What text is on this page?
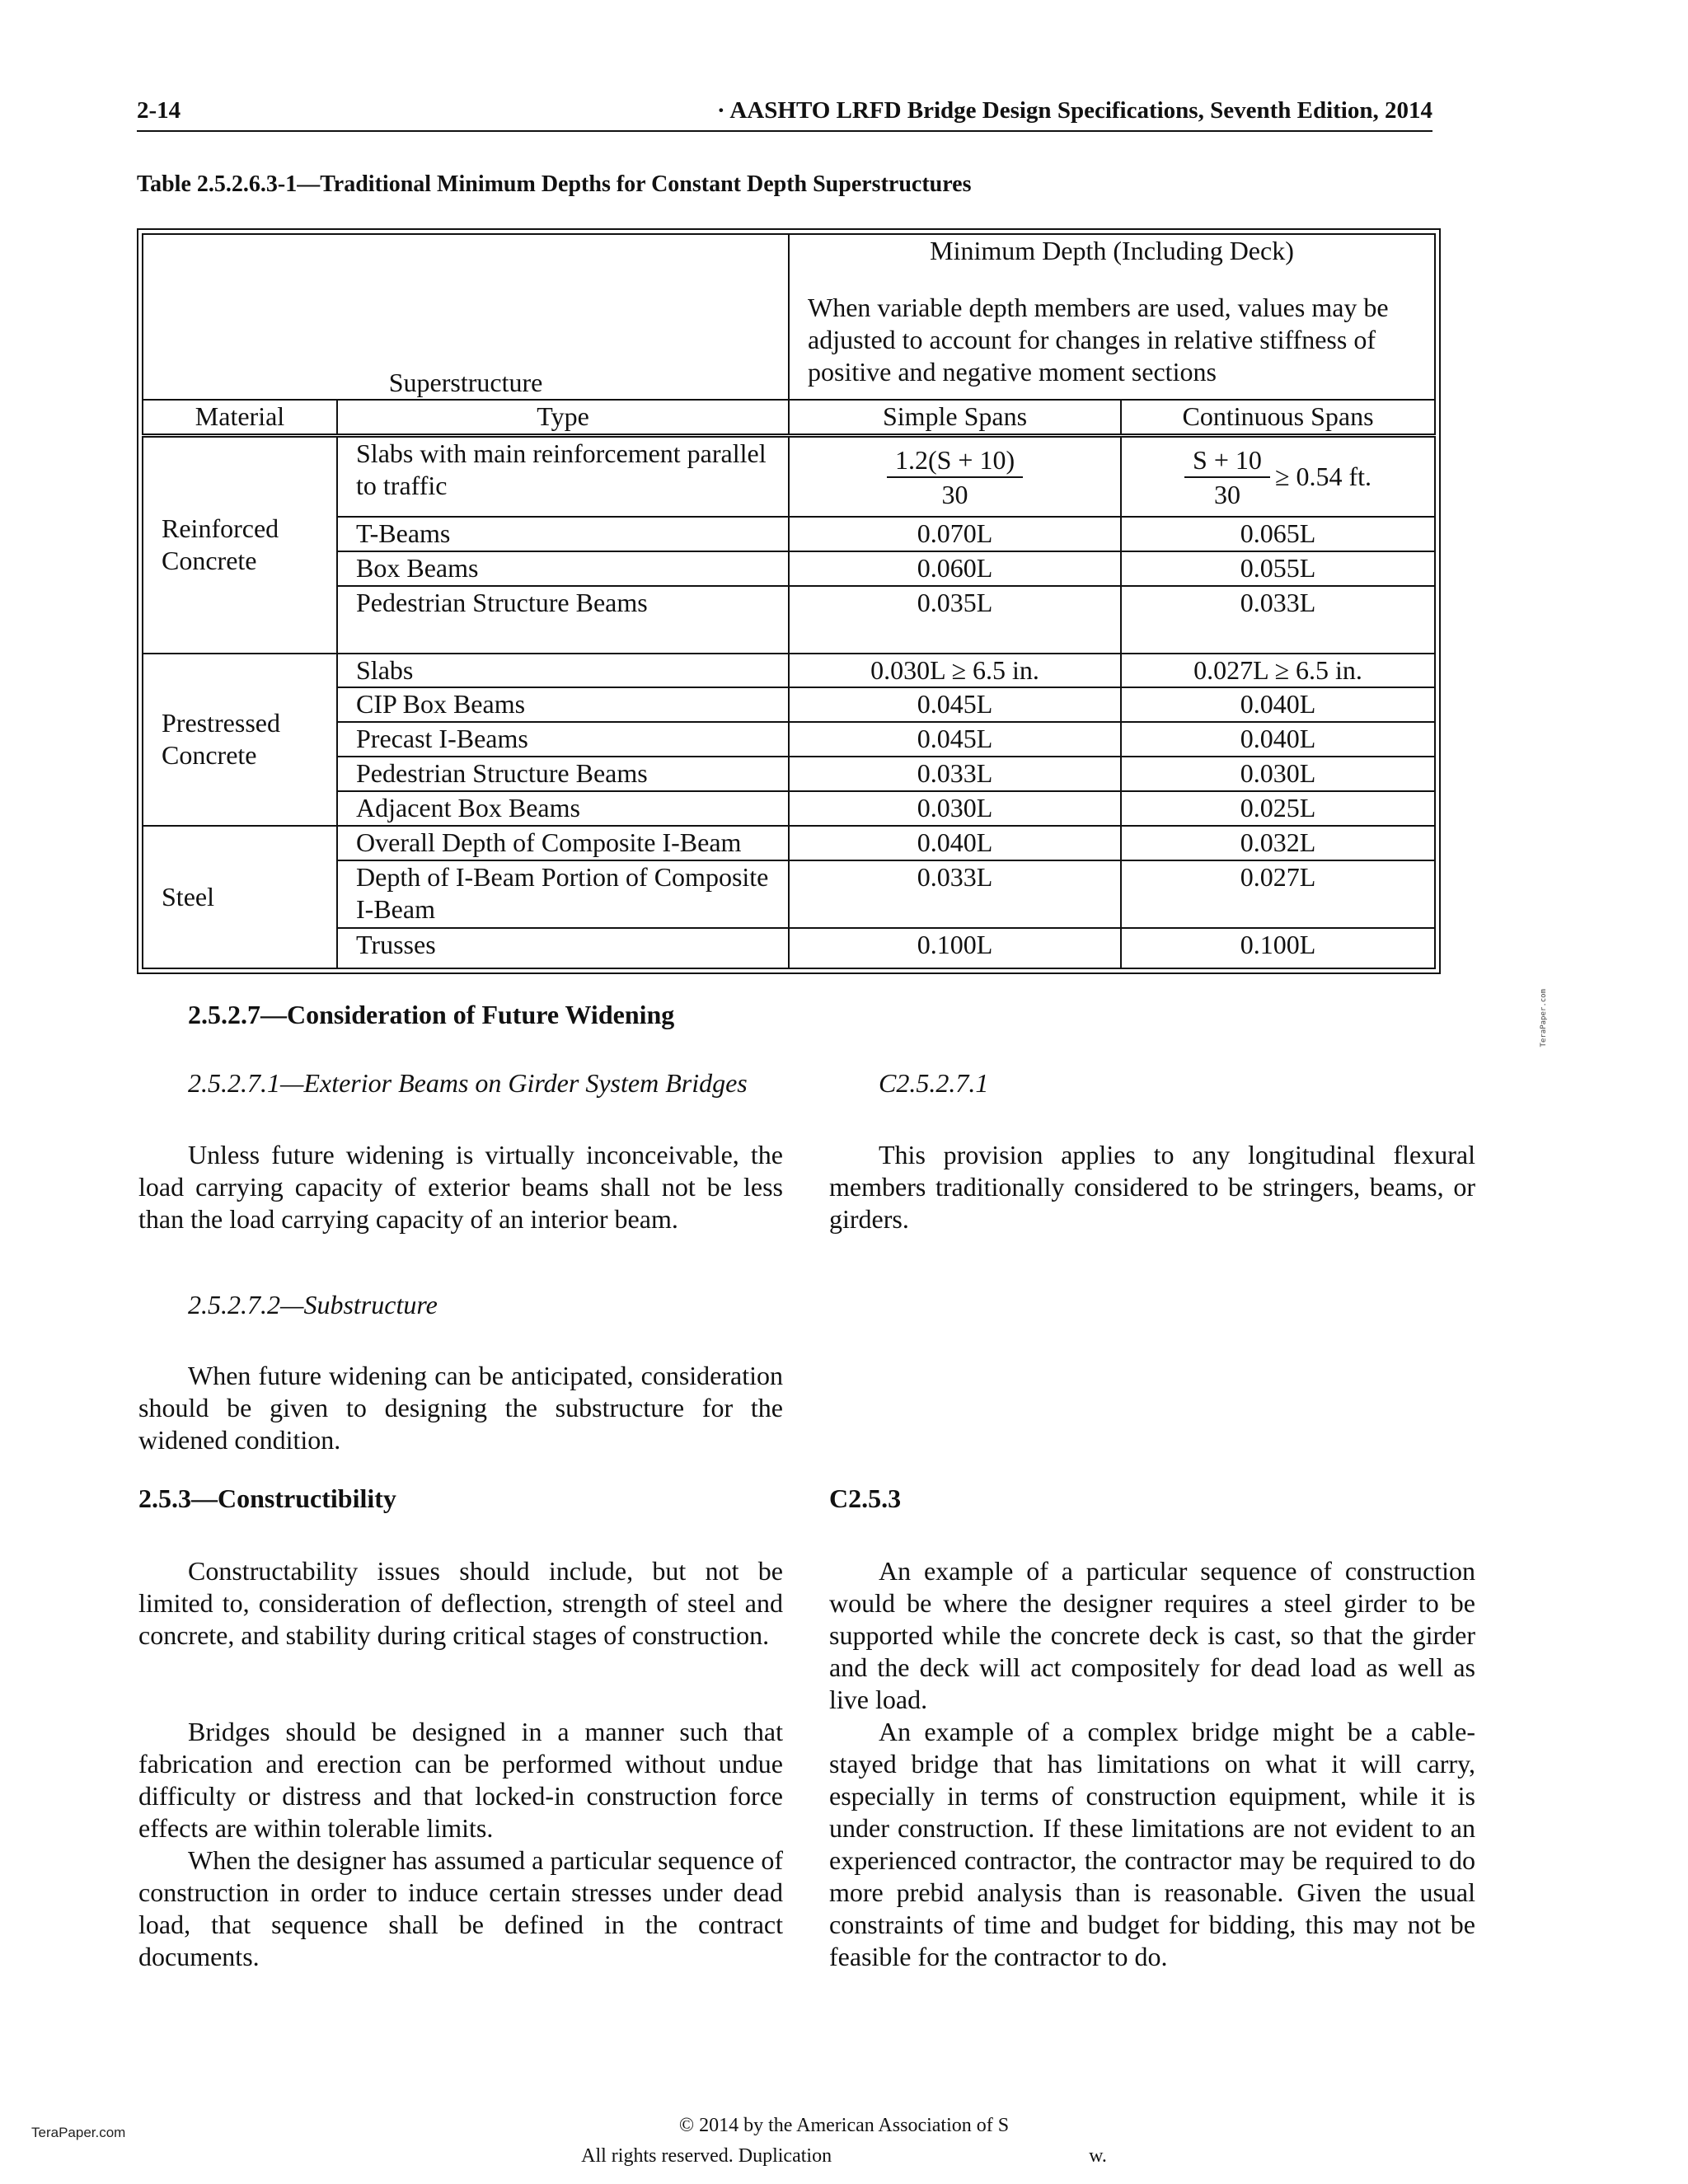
2-14	· AASHTO LRFD Bridge Design Specifications, Seventh Edition, 2014
Table 2.5.2.6.3-1—Traditional Minimum Depths for Constant Depth Superstructures
Superstructure		Minimum Depth (Including Deck)
When variable depth members are used, values may be adjusted to account for changes in relative stiffness of positive and negative moment sections	
Material	Type	Simple Spans	Continuous Spans
Reinforced Concrete	Slabs with main reinforcement parallel to traffic	$\frac{1.2(S + 10)}{30}$	$\frac{S + 10}{30} \ge 0.54$ ft.
	T-Beams	0.070L	0.065L
	Box Beams	0.060L	0.055L
	Pedestrian Structure Beams	0.035L	0.033L
Prestressed Concrete	Slabs	0.030L ≥ 6.5 in.	0.027L ≥ 6.5 in.
	CIP Box Beams	0.045L	0.040L
	Precast I-Beams	0.045L	0.040L
	Pedestrian Structure Beams	0.033L	0.030L
	Adjacent Box Beams	0.030L	0.025L
Steel	Overall Depth of Composite I-Beam	0.040L	0.032L
	Depth of I-Beam Portion of Composite I-Beam	0.033L	0.027L
	Trusses	0.100L	0.100L
2.5.2.7—Consideration of Future Widening
2.5.2.7.1—Exterior Beams on Girder System Bridges	C2.5.2.7.1

Unless future widening is virtually inconceivable, the load carrying capacity of exterior beams shall not be less than the load carrying capacity of an interior beam.

This provision applies to any longitudinal flexural members traditionally considered to be stringers, beams, or girders.

2.5.2.7.2—Substructure

When future widening can be anticipated, consideration should be given to designing the substructure for the widened condition.

2.5.3—Constructibility	C2.5.3

Constructability issues should include, but not be limited to, consideration of deflection, strength of steel and concrete, and stability during critical stages of construction.

Bridges should be designed in a manner such that fabrication and erection can be performed without undue difficulty or distress and that locked-in construction force effects are within tolerable limits.

When the designer has assumed a particular sequence of construction in order to induce certain stresses under dead load, that sequence shall be defined in the contract documents.

An example of a particular sequence of construction would be where the designer requires a steel girder to be supported while the concrete deck is cast, so that the girder and the deck will act compositely for dead load as well as live load.

An example of a complex bridge might be a cable-stayed bridge that has limitations on what it will carry, especially in terms of construction equipment, while it is under construction. If these limitations are not evident to an experienced contractor, the contractor may be required to do more prebid analysis than is reasonable. Given the usual constraints of time and budget for bidding, this may not be feasible for the contractor to do.

TeraPaper.com
TeraPaper.com	© 2014 by the American Association of S
All rights reserved. Duplication	w.
